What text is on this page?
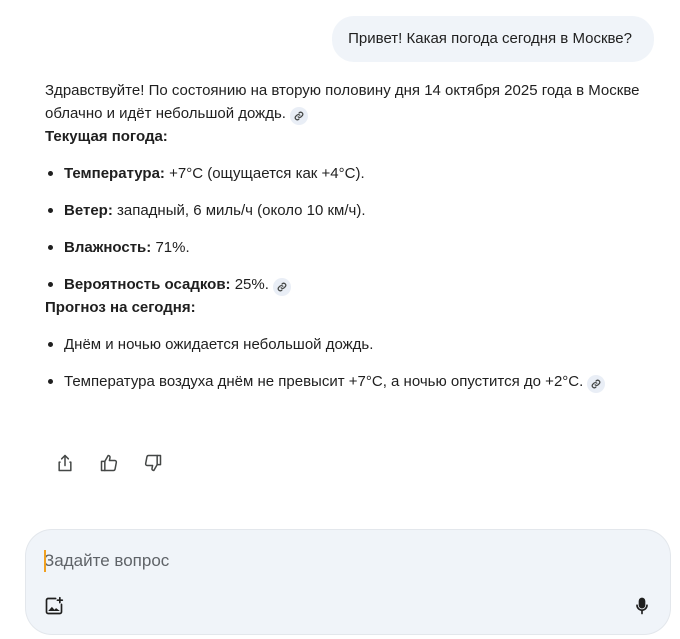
Привет! Какая погода сегодня в Москве?

Здравствуйте! По состоянию на вторую половину дня 14 октября 2025 года в Москве облачно и идёт небольшой дождь.

Текущая погода:

Температура: +7°C (ощущается как +4°C).
Ветер: западный, 6 миль/ч (около 10 км/ч).
Влажность: 71%.
Вероятность осадков: 25%.

Прогноз на сегодня:

Днём и ночью ожидается небольшой дождь.
Температура воздуха днём не превысит +7°C, а ночью опустится до +2°C.
Задайте вопрос
